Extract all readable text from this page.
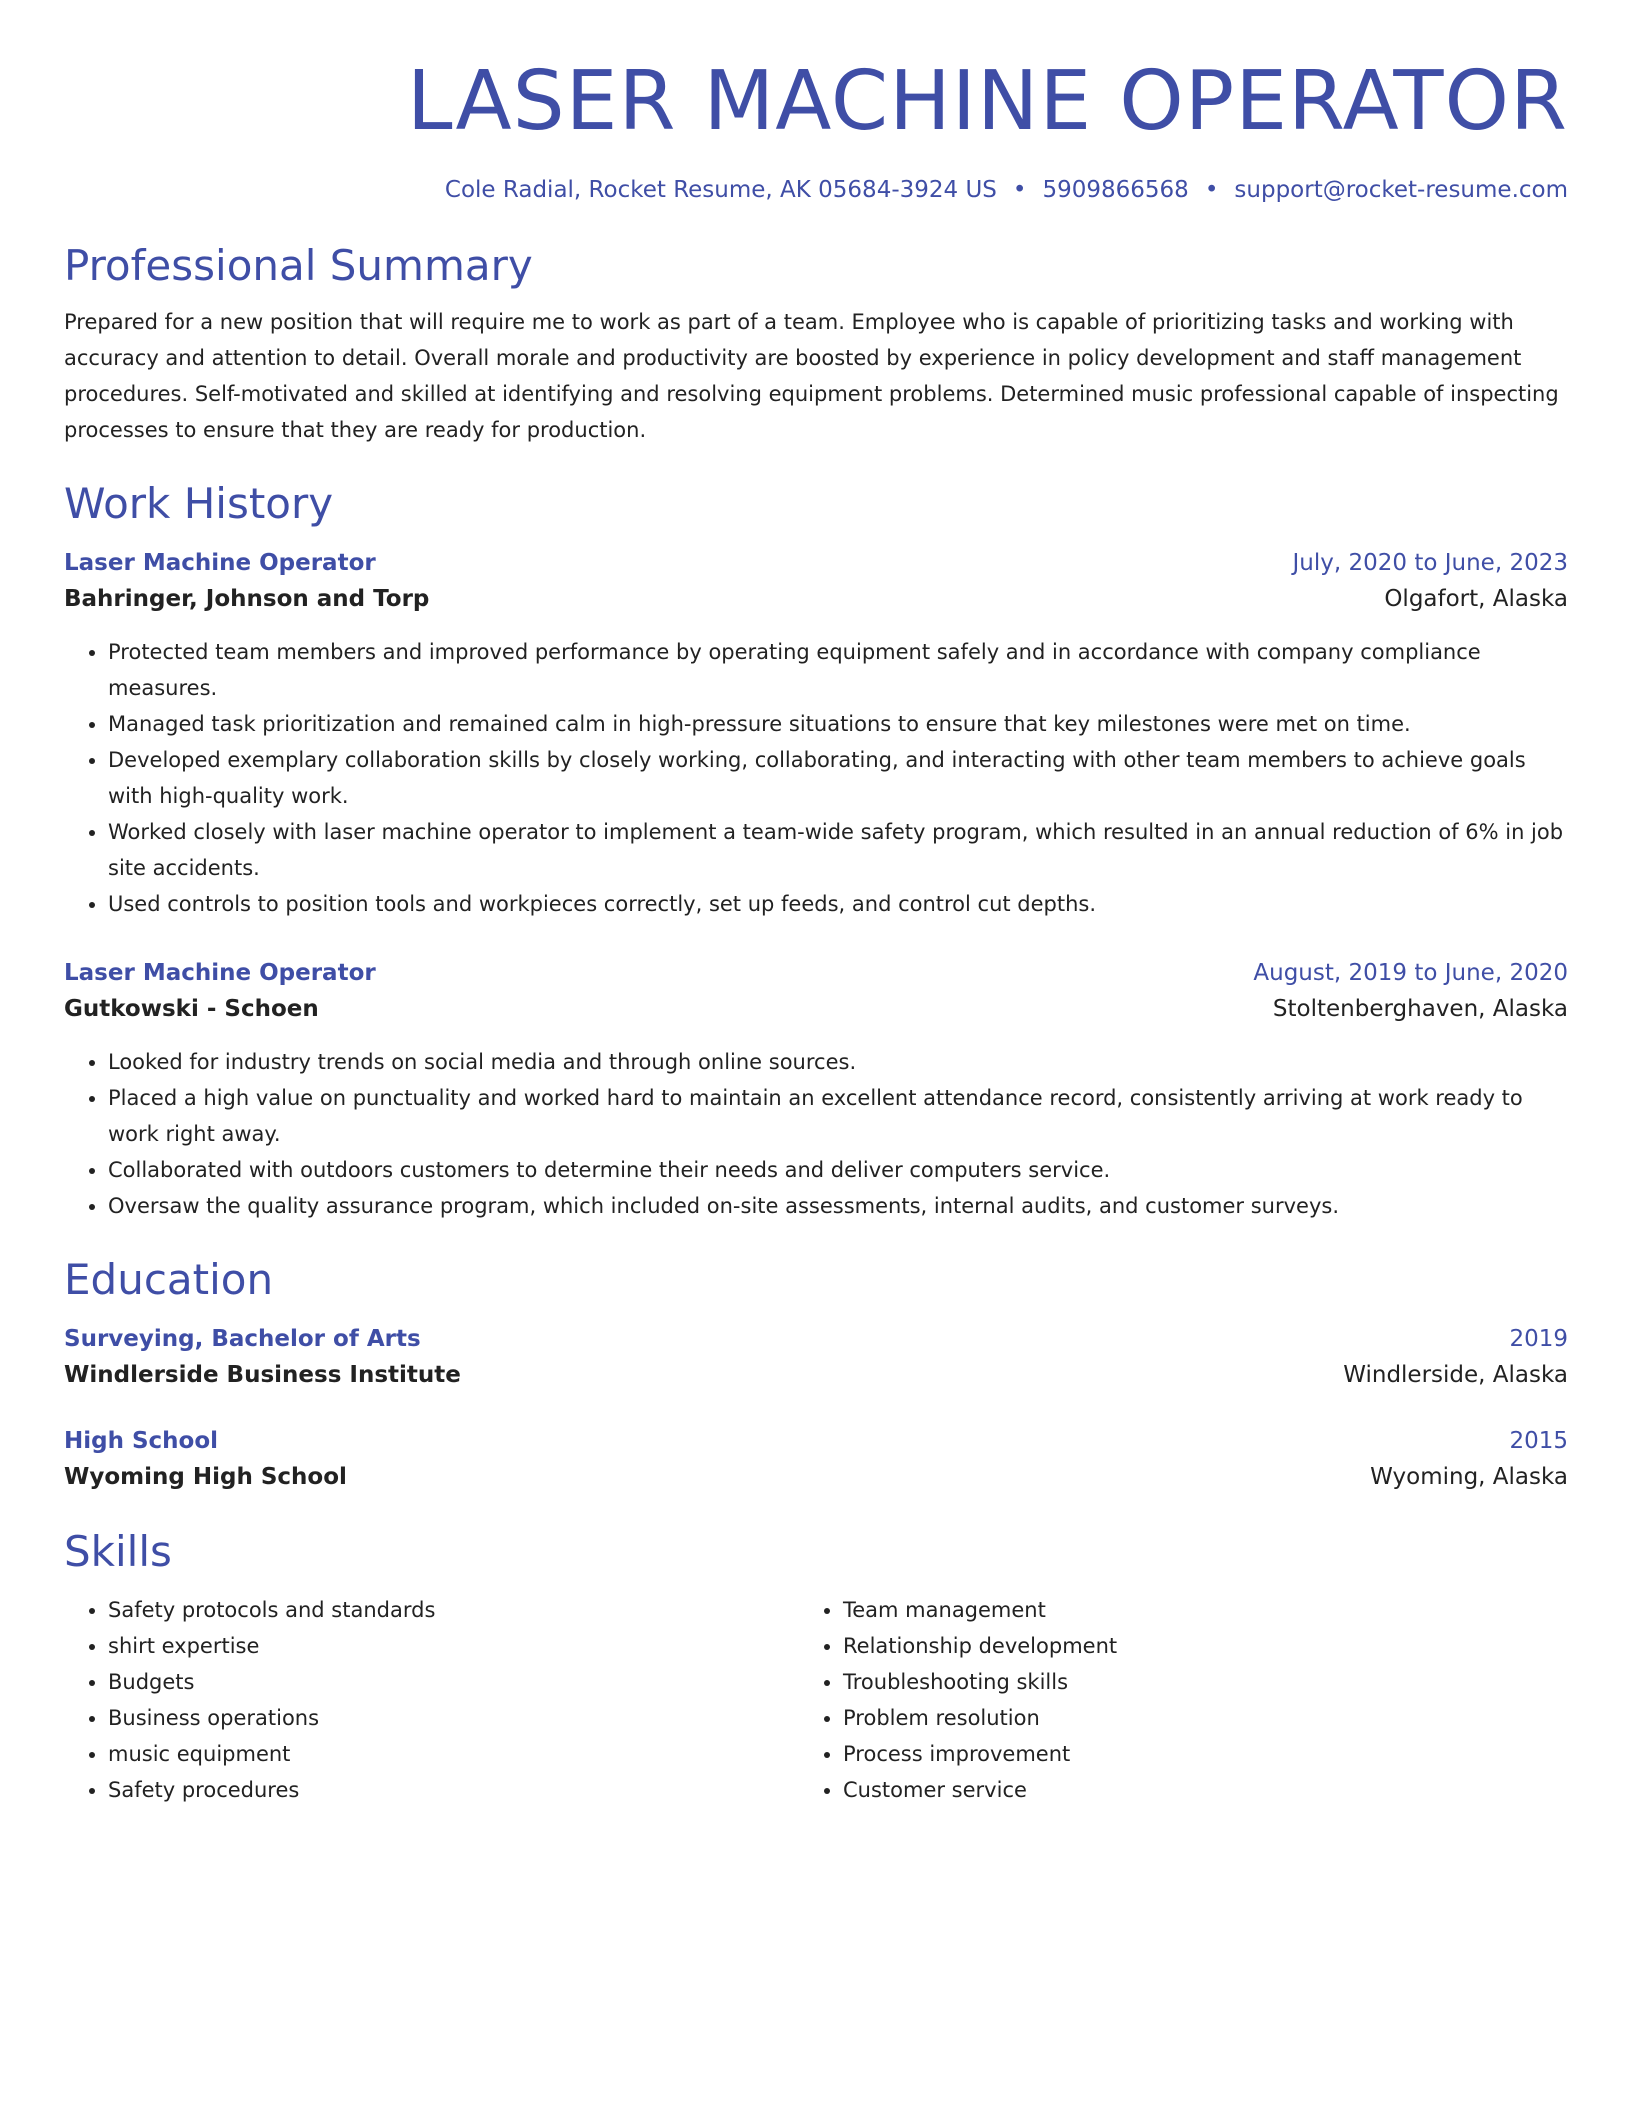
LASER MACHINE OPERATOR
Cole Radial, Rocket Resume, AK 05684-3924 US • 5909866568 • support@rocket-resume.com
Professional Summary
Prepared for a new position that will require me to work as part of a team. Employee who is capable of prioritizing tasks and working with accuracy and attention to detail. Overall morale and productivity are boosted by experience in policy development and staff management procedures. Self-motivated and skilled at identifying and resolving equipment problems. Determined music professional capable of inspecting processes to ensure that they are ready for production.
Work History
Laser Machine Operator	July, 2020 to June, 2023
Bahringer, Johnson and Torp	Olgafort, Alaska
• Protected team members and improved performance by operating equipment safely and in accordance with company compliance measures.
• Managed task prioritization and remained calm in high-pressure situations to ensure that key milestones were met on time.
• Developed exemplary collaboration skills by closely working, collaborating, and interacting with other team members to achieve goals with high-quality work.
• Worked closely with laser machine operator to implement a team-wide safety program, which resulted in an annual reduction of 6% in job site accidents.
• Used controls to position tools and workpieces correctly, set up feeds, and control cut depths.
Laser Machine Operator	August, 2019 to June, 2020
Gutkowski - Schoen	Stoltenberghaven, Alaska
• Looked for industry trends on social media and through online sources.
• Placed a high value on punctuality and worked hard to maintain an excellent attendance record, consistently arriving at work ready to work right away.
• Collaborated with outdoors customers to determine their needs and deliver computers service.
• Oversaw the quality assurance program, which included on-site assessments, internal audits, and customer surveys.
Education
Surveying, Bachelor of Arts	2019
Windlerside Business Institute	Windlerside, Alaska
High School	2015
Wyoming High School	Wyoming, Alaska
Skills
• Safety protocols and standards
• shirt expertise
• Budgets
• Business operations
• music equipment
• Safety procedures
• Team management
• Relationship development
• Troubleshooting skills
• Problem resolution
• Process improvement
• Customer service
